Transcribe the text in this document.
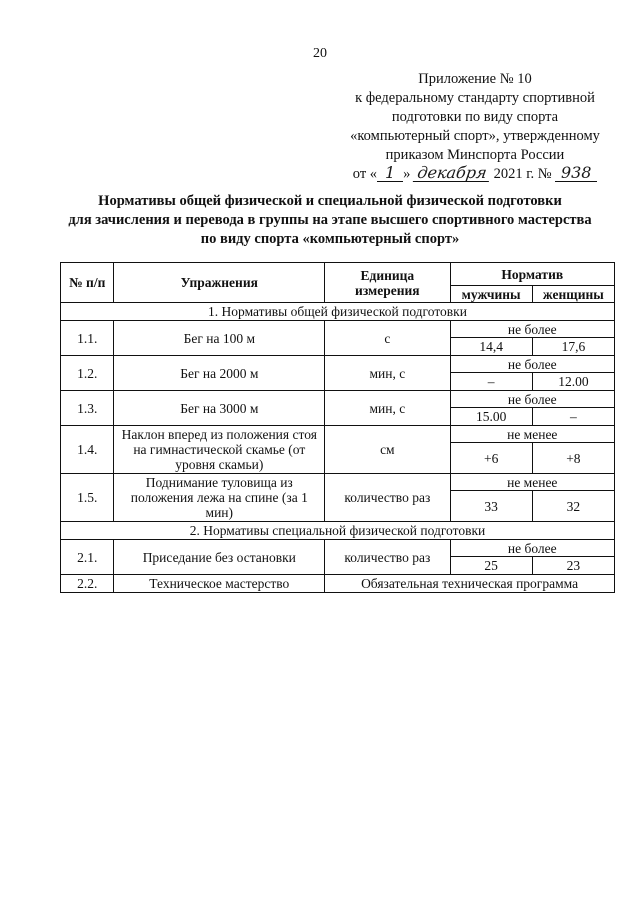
20
Приложение № 10
к федеральному стандарту спортивной
подготовки по виду спорта
«компьютерный спорт», утвержденному
приказом Минспорта России
от « 1 » декабря 2021 г. № 938
Нормативы общей физической и специальной физической подготовки
для зачисления и перевода в группы на этапе высшего спортивного мастерства
по виду спорта «компьютерный спорт»
№ п/п	Упражнения	Единица измерения	Норматив	
			мужчины	женщины
1. Нормативы общей физической подготовки				
1.1.	Бег на 100 м	с	не более	
			14,4	17,6
1.2.	Бег на 2000 м	мин, с	не более	
			–	12.00
1.3.	Бег на 3000 м	мин, с	не более	
			15.00	–
1.4.	Наклон вперед из положения стоя на гимнастической скамье (от уровня скамьи)	см	не менее	
			+6	+8
1.5.	Поднимание туловища из положения лежа на спине (за 1 мин)	количество раз	не менее	
			33	32
2. Нормативы специальной физической подготовки				
2.1.	Приседание без остановки	количество раз	не более	
			25	23
2.2.	Техническое мастерство	Обязательная техническая программа		
